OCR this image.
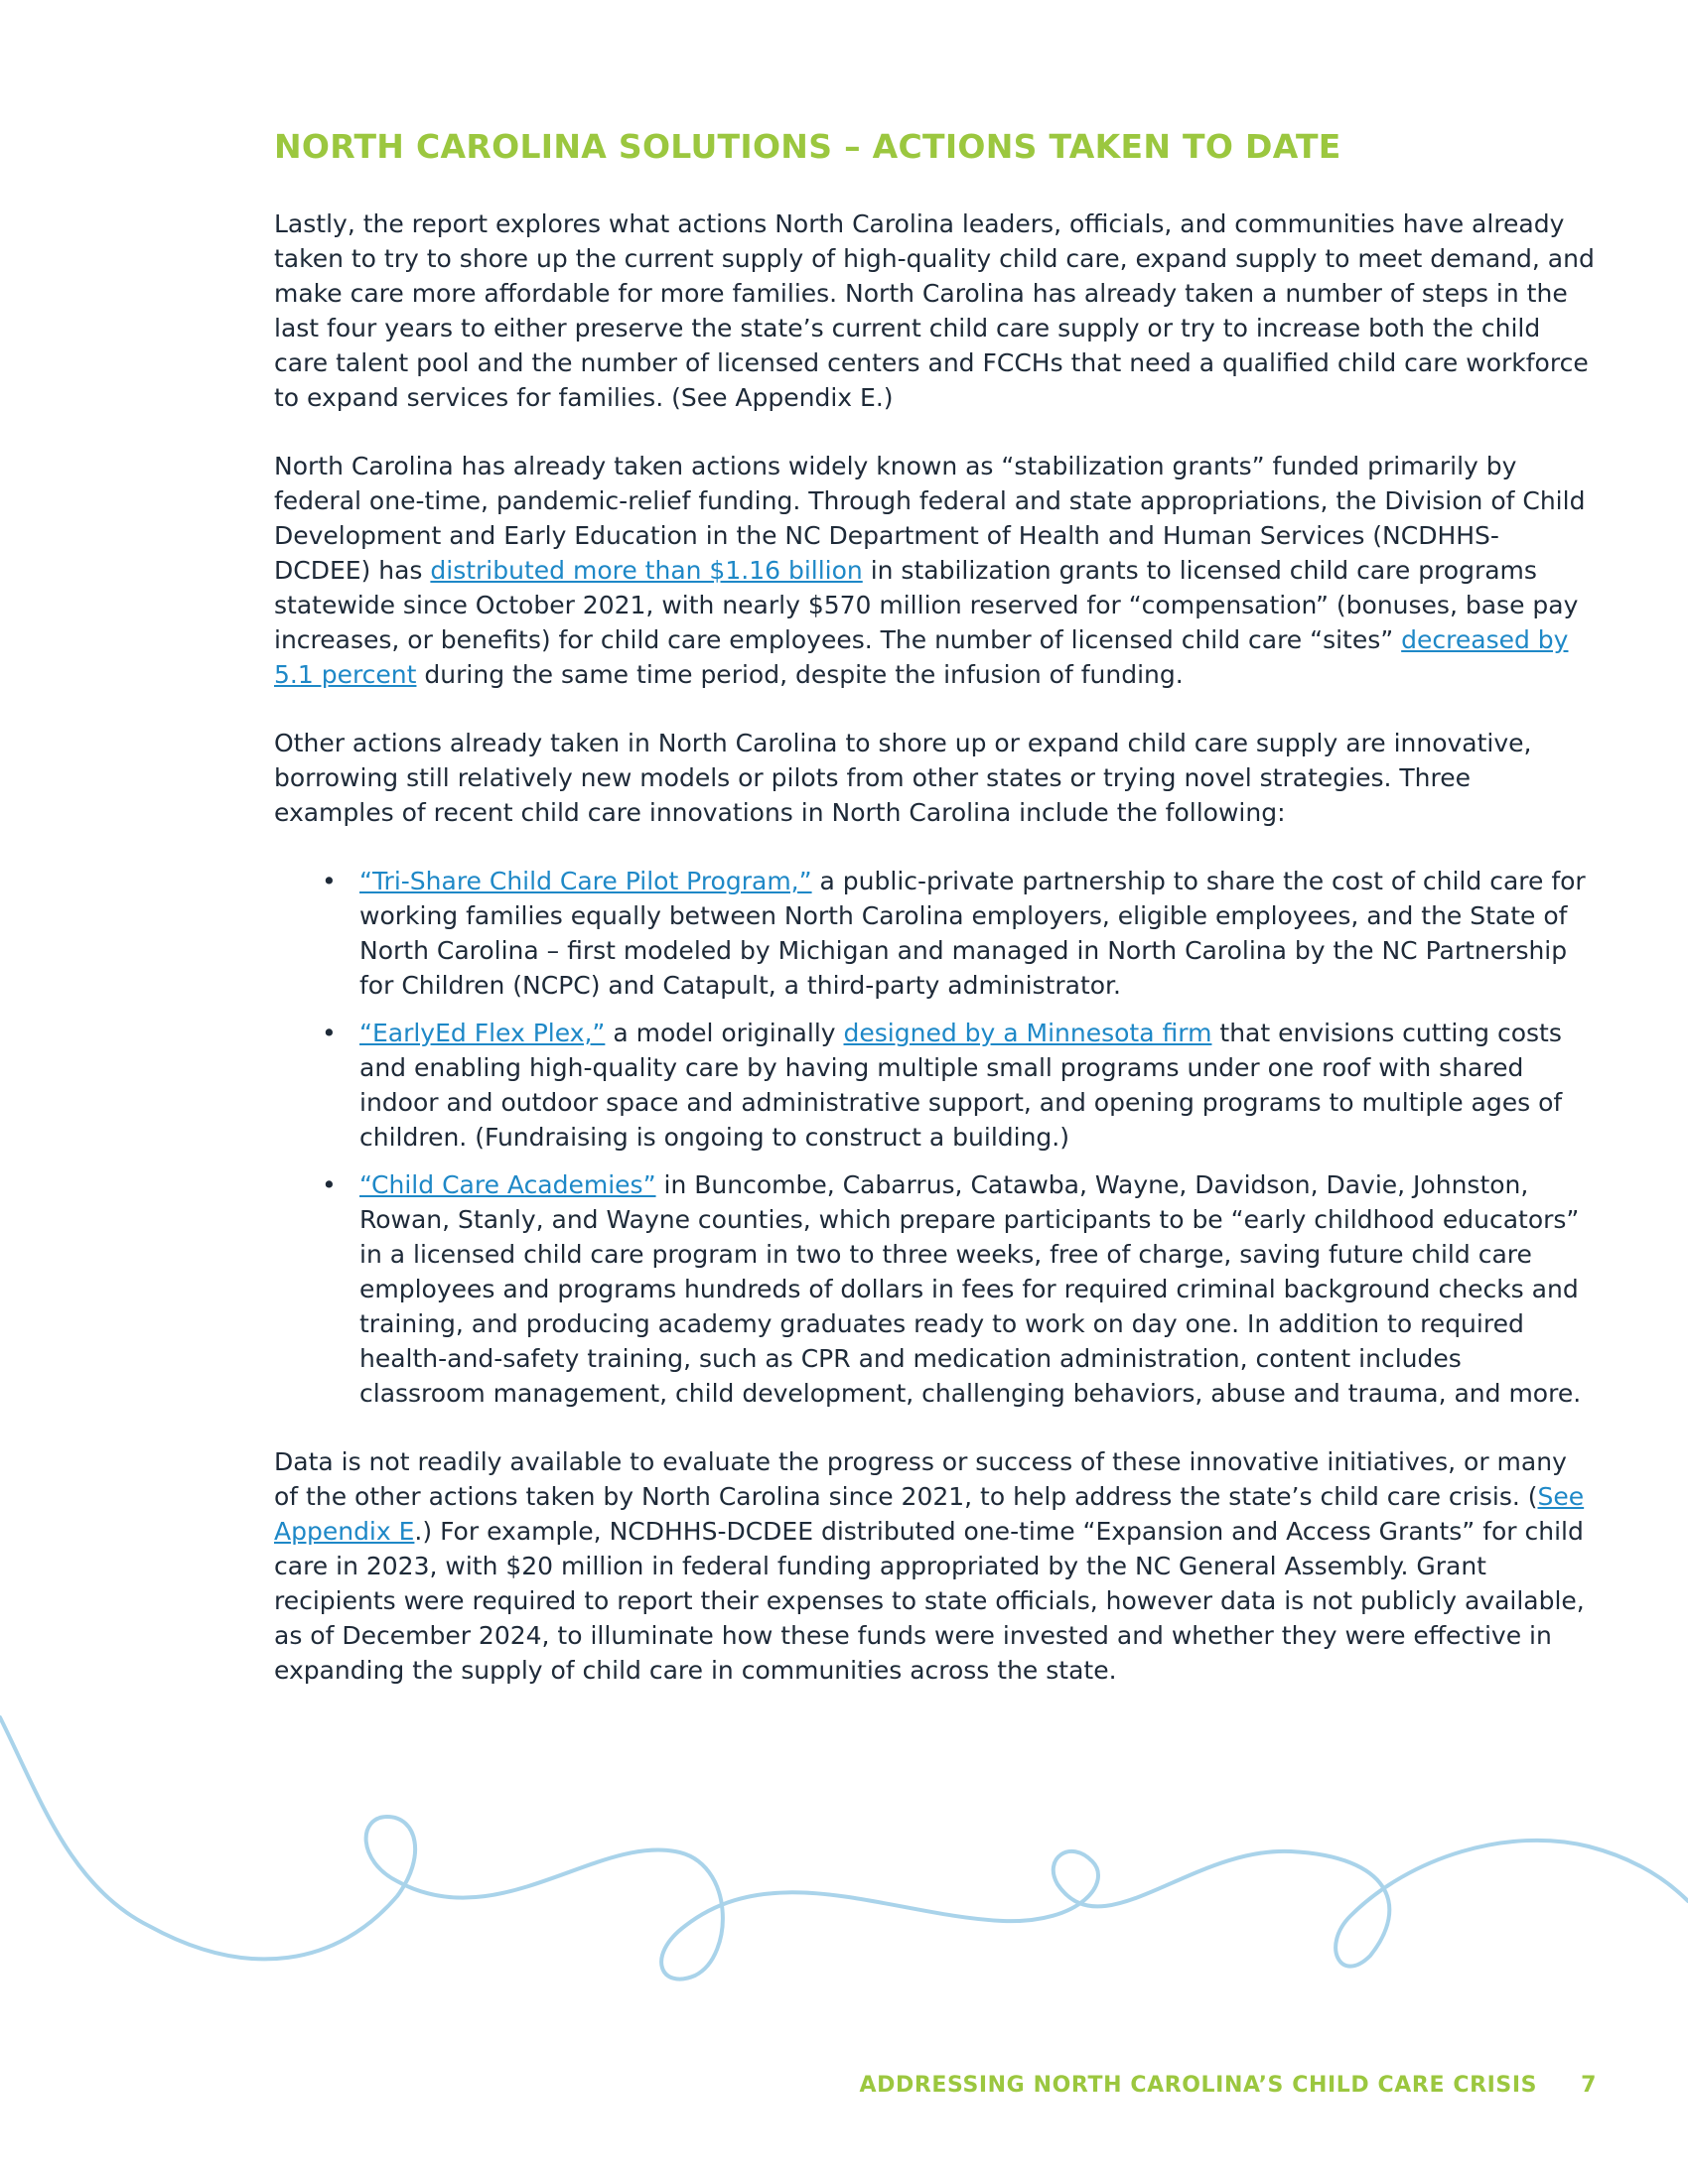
NORTH CAROLINA SOLUTIONS – ACTIONS TAKEN TO DATE

Lastly, the report explores what actions North Carolina leaders, officials, and communities have already taken to try to shore up the current supply of high-quality child care, expand supply to meet demand, and make care more affordable for more families. North Carolina has already taken a number of steps in the last four years to either preserve the state’s current child care supply or try to increase both the child care talent pool and the number of licensed centers and FCCHs that need a qualified child care workforce to expand services for families. (See Appendix E.)

North Carolina has already taken actions widely known as “stabilization grants” funded primarily by federal one-time, pandemic-relief funding. Through federal and state appropriations, the Division of Child Development and Early Education in the NC Department of Health and Human Services (NCDHHS-DCDEE) has distributed more than $1.16 billion in stabilization grants to licensed child care programs statewide since October 2021, with nearly $570 million reserved for “compensation” (bonuses, base pay increases, or benefits) for child care employees. The number of licensed child care “sites” decreased by 5.1 percent during the same time period, despite the infusion of funding.

Other actions already taken in North Carolina to shore up or expand child care supply are innovative, borrowing still relatively new models or pilots from other states or trying novel strategies. Three examples of recent child care innovations in North Carolina include the following:

• “Tri-Share Child Care Pilot Program,” a public-private partnership to share the cost of child care for working families equally between North Carolina employers, eligible employees, and the State of North Carolina – first modeled by Michigan and managed in North Carolina by the NC Partnership for Children (NCPC) and Catapult, a third-party administrator.
• “EarlyEd Flex Plex,” a model originally designed by a Minnesota firm that envisions cutting costs and enabling high-quality care by having multiple small programs under one roof with shared indoor and outdoor space and administrative support, and opening programs to multiple ages of children. (Fundraising is ongoing to construct a building.)
• “Child Care Academies” in Buncombe, Cabarrus, Catawba, Wayne, Davidson, Davie, Johnston, Rowan, Stanly, and Wayne counties, which prepare participants to be “early childhood educators” in a licensed child care program in two to three weeks, free of charge, saving future child care employees and programs hundreds of dollars in fees for required criminal background checks and training, and producing academy graduates ready to work on day one. In addition to required health-and-safety training, such as CPR and medication administration, content includes classroom management, child development, challenging behaviors, abuse and trauma, and more.

Data is not readily available to evaluate the progress or success of these innovative initiatives, or many of the other actions taken by North Carolina since 2021, to help address the state’s child care crisis. (See Appendix E.) For example, NCDHHS-DCDEE distributed one-time “Expansion and Access Grants” for child care in 2023, with $20 million in federal funding appropriated by the NC General Assembly. Grant recipients were required to report their expenses to state officials, however data is not publicly available, as of December 2024, to illuminate how these funds were invested and whether they were effective in expanding the supply of child care in communities across the state.

ADDRESSING NORTH CAROLINA’S CHILD CARE CRISIS 7
